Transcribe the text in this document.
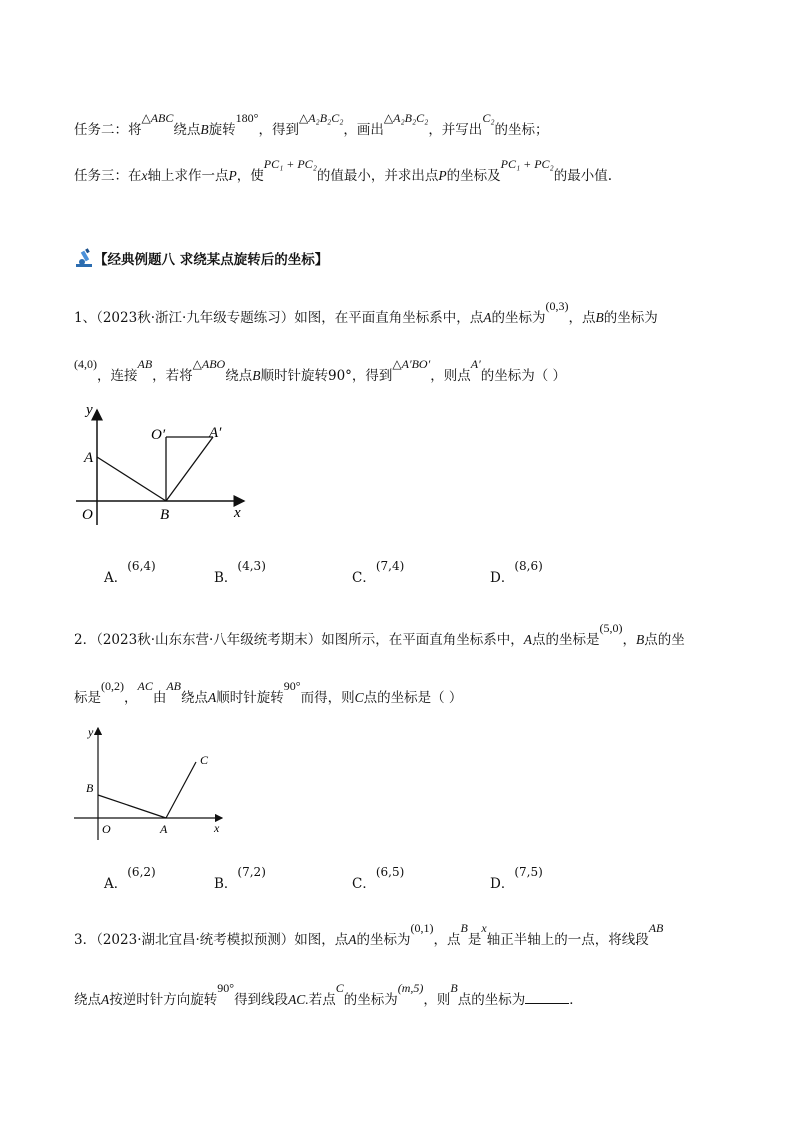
任务二：将△ABC绕点B旋转180°，得到△A₂B₂C₂，画出△A₂B₂C₂，并写出C₂的坐标；
任务三：在x轴上求作一点P，使PC₁ + PC₂的值最小，并求出点P的坐标及PC₁ + PC₂的最小值.
【经典例题八 求绕某点旋转后的坐标】
1、（2023秋·浙江·九年级专题练习）如图，在平面直角坐标系中，点A的坐标为(0,3)，点B的坐标为
(4,0)，连接AB，若将△ABO绕点B顺时针旋转90°，得到△A′BO′，则点A′的坐标为（ ）
y
x
O
A
B
O′	A′
A．(6,4)
B．(4,3)
C．(7,4)
D．(8,6)
2．（2023秋·山东东营·八年级统考期末）如图所示，在平面直角坐标系中，A点的坐标是(5,0)，B点的坐
标是(0,2)，AC由AB绕点A顺时针旋转90°而得，则C点的坐标是（ ）
y
x
O	A
B
C
A．(6,2)
B．(7,2)
C．(6,5)
D．(7,5)
3．（2023·湖北宜昌·统考模拟预测）如图，点A的坐标为(0,1)，点B是x轴正半轴上的一点，将线段AB
绕点A按逆时针方向旋转90°得到线段AC.若点C的坐标为(m,5)，则B点的坐标为	．
